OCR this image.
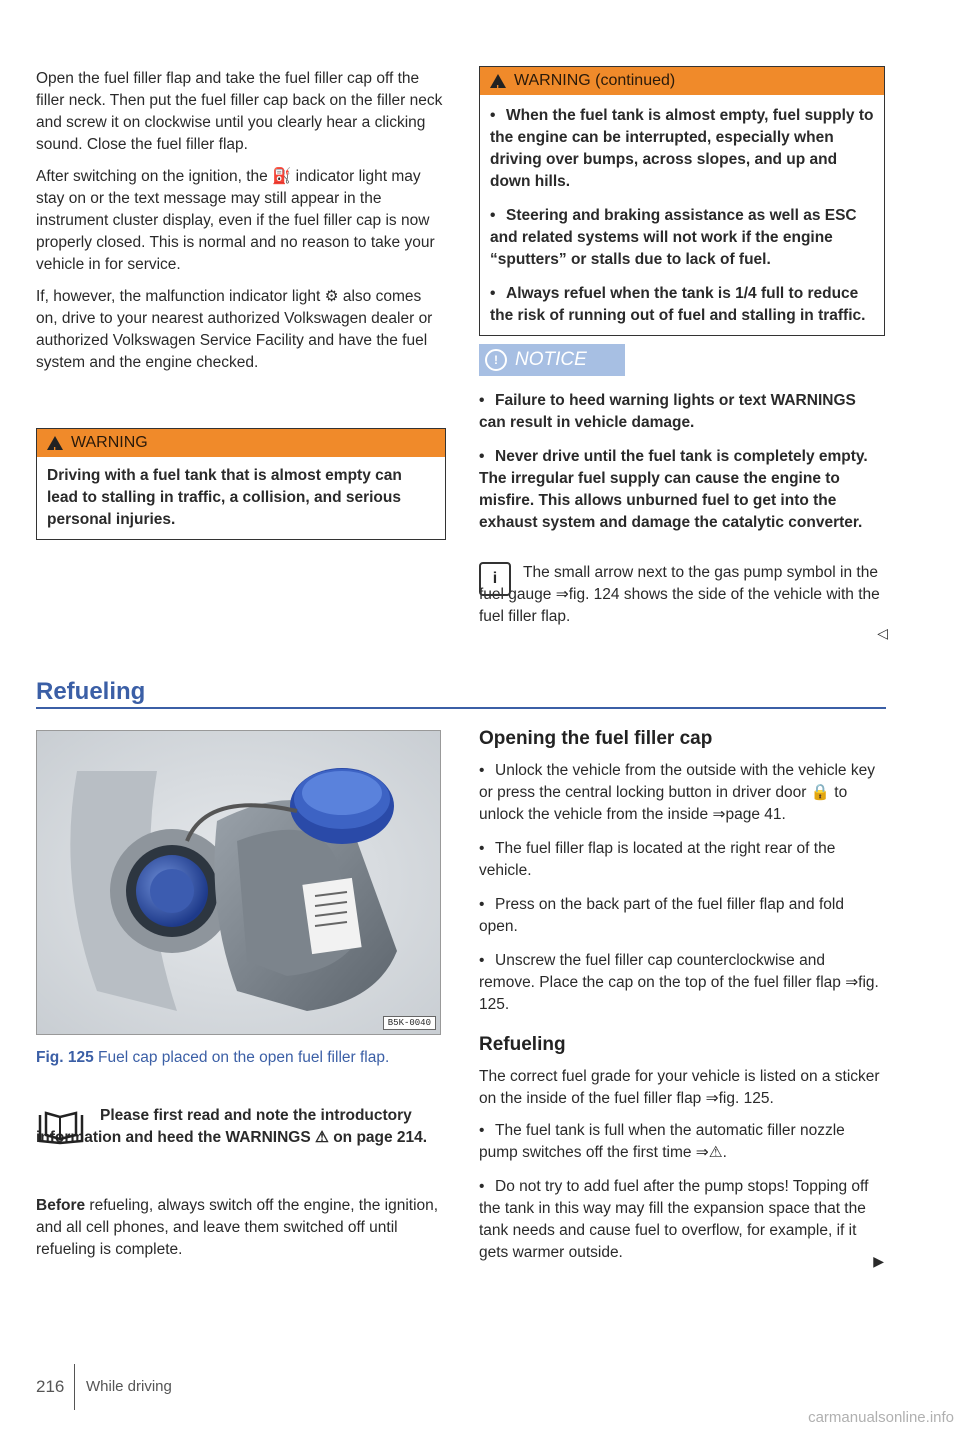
Open the fuel filler flap and take the fuel filler cap off the filler neck. Then put the fuel filler cap back on the filler neck and screw it on clockwise until you clearly hear a clicking sound. Close the fuel filler flap.

After switching on the ignition, the ⛽ indicator light may stay on or the text message may still appear in the instrument cluster display, even if the fuel filler cap is now properly closed. This is normal and no reason to take your vehicle in for service.

If, however, the malfunction indicator light ⚙ also comes on, drive to your nearest authorized Volkswagen dealer or authorized Volkswagen Service Facility and have the fuel system and the engine checked.

!
WARNING
Driving with a fuel tank that is almost empty can lead to stalling in traffic, a collision, and serious personal injuries.
!
WARNING (continued)
• When the fuel tank is almost empty, fuel supply to the engine can be interrupted, especially when driving over bumps, across slopes, and up and down hills.
• Steering and braking assistance as well as ESC and related systems will not work if the engine “sputters” or stalls due to lack of fuel.
• Always refuel when the tank is 1/4 full to reduce the risk of running out of fuel and stalling in traffic.
! NOTICE
• Failure to heed warning lights or text WARNINGS can result in vehicle damage.
• Never drive until the fuel tank is completely empty. The irregular fuel supply can cause the engine to misfire. This allows unburned fuel to get into the exhaust system and damage the catalytic converter.
i	The small arrow next to the gas pump symbol in the fuel gauge ⇒fig. 124 shows the side of the vehicle with the fuel filler flap.

◁
Refueling
B5K-0040
Fig. 125 Fuel cap placed on the open fuel filler flap.
Please first read and note the introductory information and heed the WARNINGS ⚠ on page 214.

Before refueling, always switch off the engine, the ignition, and all cell phones, and leave them switched off until refueling is complete.

Opening the fuel filler cap
• Unlock the vehicle from the outside with the vehicle key or press the central locking button in driver door 🔒 to unlock the vehicle from the inside ⇒page 41.
• The fuel filler flap is located at the right rear of the vehicle.
• Press on the back part of the fuel filler flap and fold open.
• Unscrew the fuel filler cap counterclockwise and remove. Place the cap on the top of the fuel filler flap ⇒fig. 125.
Refueling

The correct fuel grade for your vehicle is listed on a sticker on the inside of the fuel filler flap ⇒fig. 125.

• The fuel tank is full when the automatic filler nozzle pump switches off the first time ⇒⚠.
• Do not try to add fuel after the pump stops! Topping off the tank in this way may fill the expansion space that the tank needs and cause fuel to overflow, for example, if it gets warmer outside.	▶
216 While driving
carmanualsonline.info
